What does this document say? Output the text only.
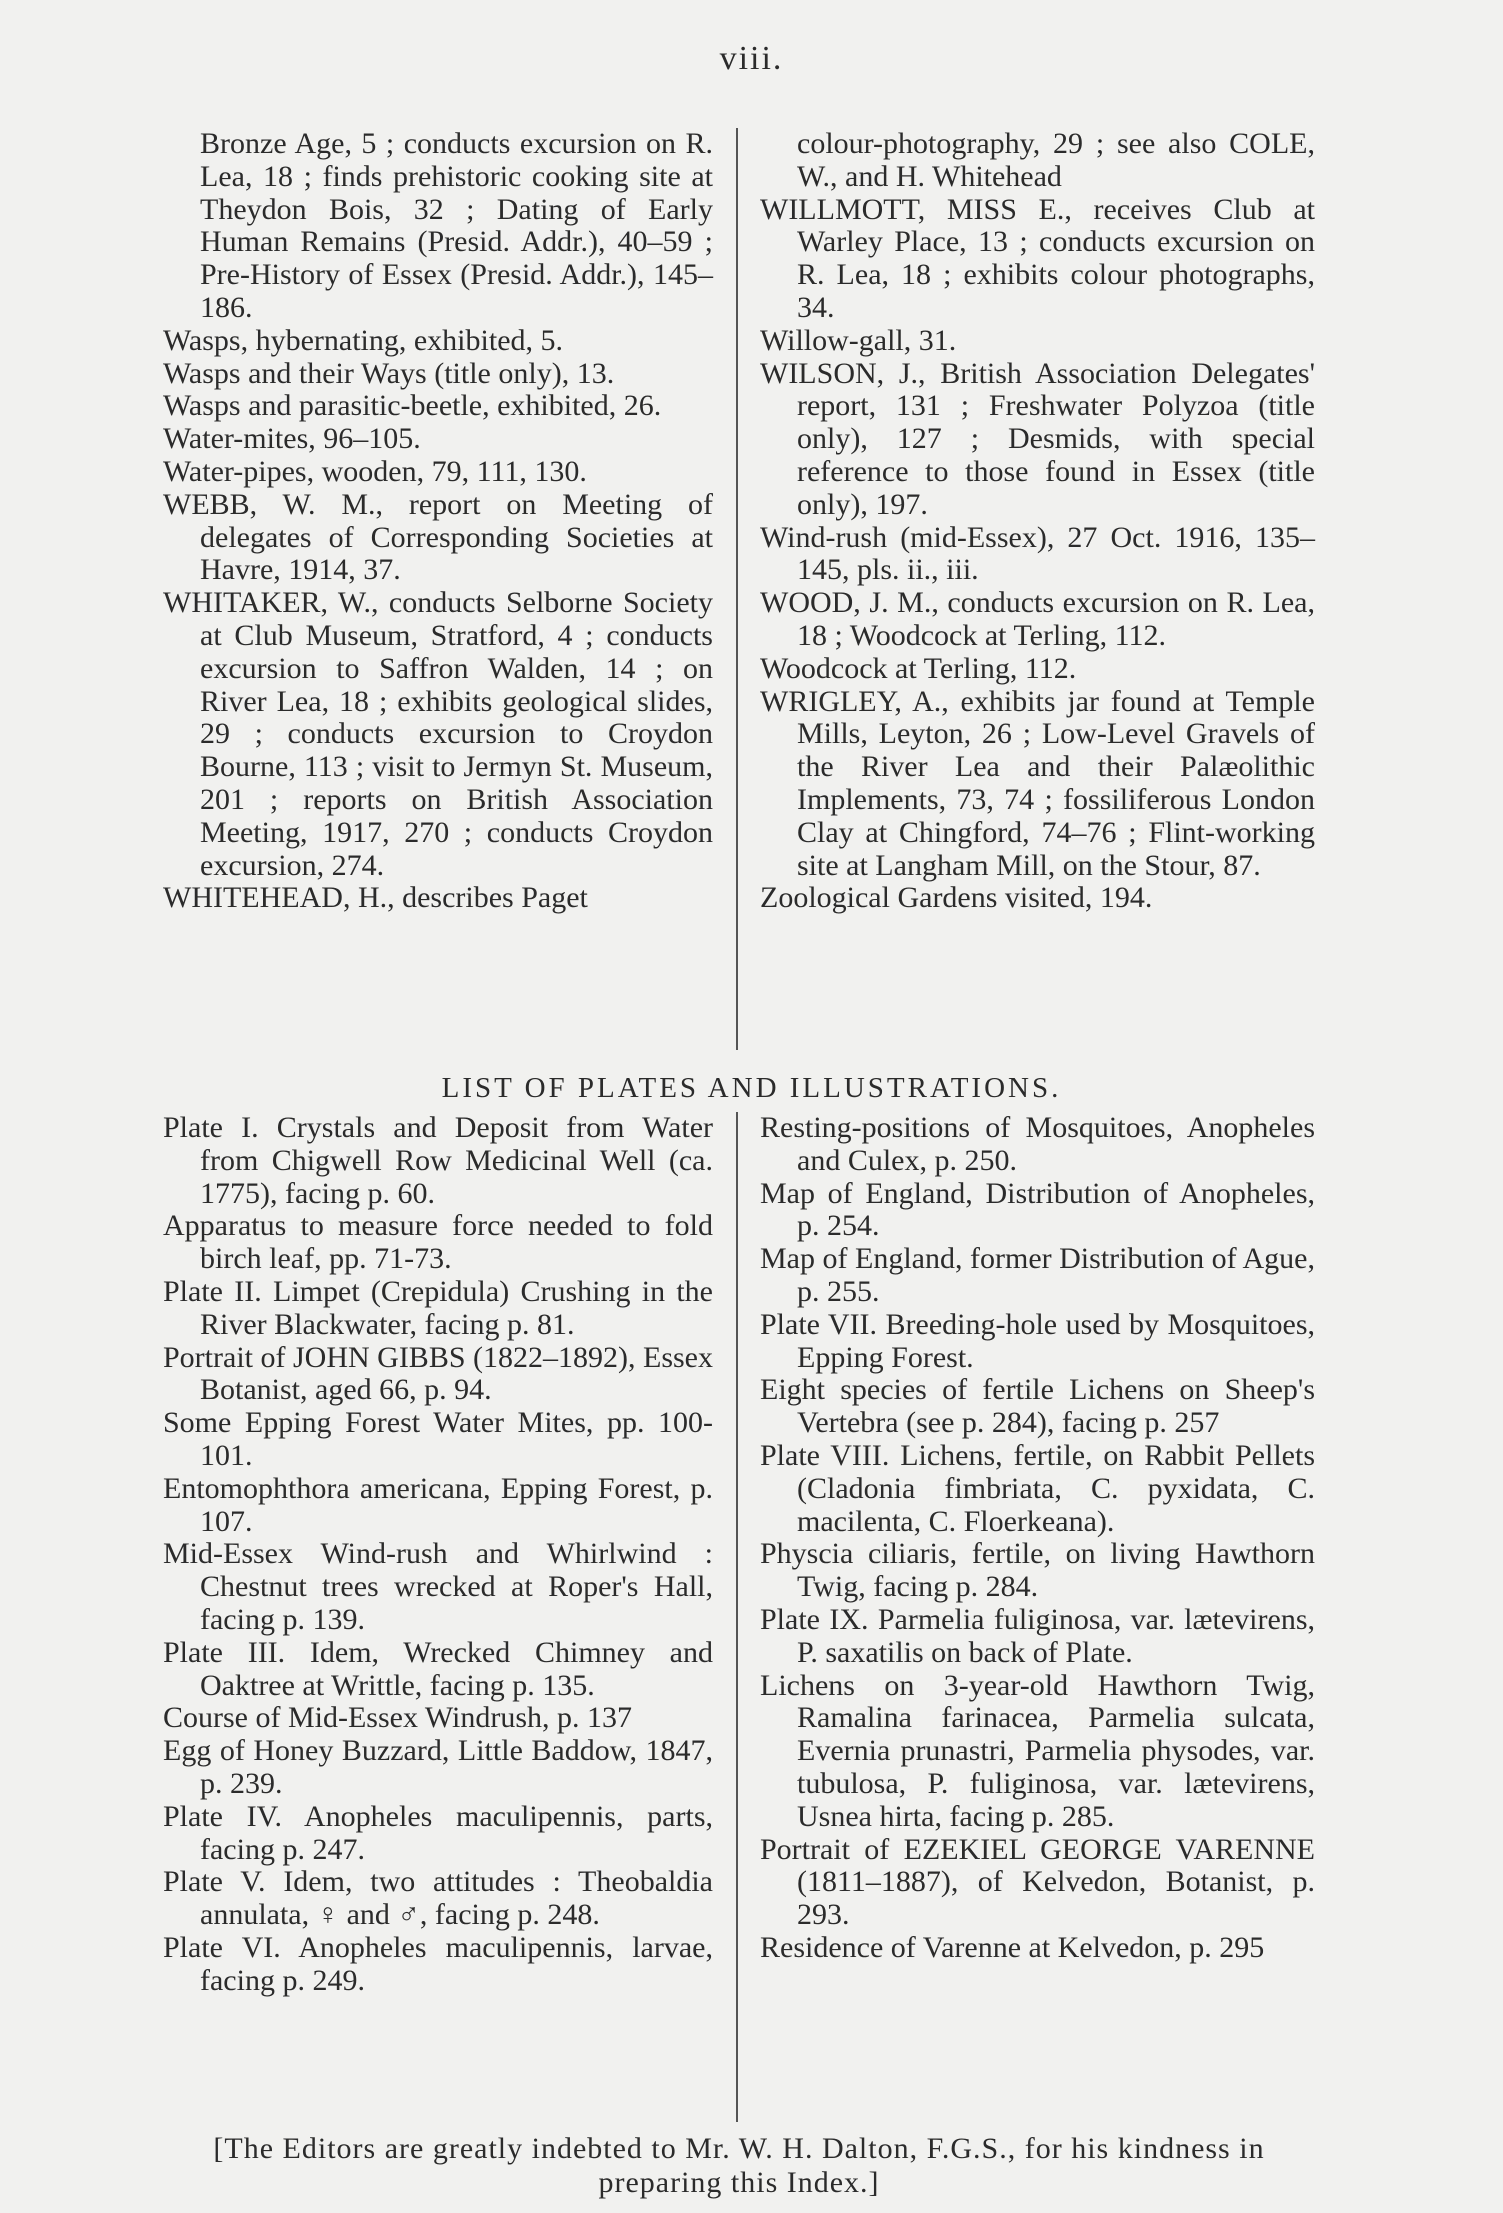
viii.

Bronze Age, 5 ; conducts excursion on R. Lea, 18 ; finds prehistoric cooking site at Theydon Bois, 32 ; Dating of Early Human Remains (Presid. Addr.), 40–59 ; Pre-History of Essex (Presid. Addr.), 145–186.

Wasps, hybernating, exhibited, 5.

Wasps and their Ways (title only), 13.

Wasps and parasitic-beetle, exhibited, 26.

Water-mites, 96–105.

Water-pipes, wooden, 79, 111, 130.

WEBB, W. M., report on Meeting of delegates of Corresponding Societies at Havre, 1914, 37.

WHITAKER, W., conducts Selborne Society at Club Museum, Stratford, 4 ; conducts excursion to Saffron Walden, 14 ; on River Lea, 18 ; exhibits geological slides, 29 ; conducts excursion to Croydon Bourne, 113 ; visit to Jermyn St. Museum, 201 ; reports on British Association Meeting, 1917, 270 ; conducts Croydon excursion, 274.

WHITEHEAD, H., describes Paget

colour-photography, 29 ; see also COLE, W., and H. Whitehead

WILLMOTT, MISS E., receives Club at Warley Place, 13 ; conducts excursion on R. Lea, 18 ; exhibits colour photographs, 34.

Willow-gall, 31.

WILSON, J., British Association Delegates' report, 131 ; Freshwater Polyzoa (title only), 127 ; Desmids, with special reference to those found in Essex (title only), 197.

Wind-rush (mid-Essex), 27 Oct. 1916, 135–145, pls. ii., iii.

WOOD, J. M., conducts excursion on R. Lea, 18 ; Woodcock at Terling, 112.

Woodcock at Terling, 112.

WRIGLEY, A., exhibits jar found at Temple Mills, Leyton, 26 ; Low-Level Gravels of the River Lea and their Palæolithic Implements, 73, 74 ; fossiliferous London Clay at Chingford, 74–76 ; Flint-working site at Langham Mill, on the Stour, 87.

Zoological Gardens visited, 194.

LIST OF PLATES AND ILLUSTRATIONS.

Plate I. Crystals and Deposit from Water from Chigwell Row Medicinal Well (ca. 1775), facing p. 60.

Apparatus to measure force needed to fold birch leaf, pp. 71-73.

Plate II. Limpet (Crepidula) Crushing in the River Blackwater, facing p. 81.

Portrait of JOHN GIBBS (1822–1892), Essex Botanist, aged 66, p. 94.

Some Epping Forest Water Mites, pp. 100-101.

Entomophthora americana, Epping Forest, p. 107.

Mid-Essex Wind-rush and Whirlwind : Chestnut trees wrecked at Roper's Hall, facing p. 139.

Plate III. Idem, Wrecked Chimney and Oaktree at Writtle, facing p. 135.

Course of Mid-Essex Windrush, p. 137

Egg of Honey Buzzard, Little Baddow, 1847, p. 239.

Plate IV. Anopheles maculipennis, parts, facing p. 247.

Plate V. Idem, two attitudes : Theobaldia annulata, ♀ and ♂, facing p. 248.

Plate VI. Anopheles maculipennis, larvae, facing p. 249.

Resting-positions of Mosquitoes, Anopheles and Culex, p. 250.

Map of England, Distribution of Anopheles, p. 254.

Map of England, former Distribution of Ague, p. 255.

Plate VII. Breeding-hole used by Mosquitoes, Epping Forest.

Eight species of fertile Lichens on Sheep's Vertebra (see p. 284), facing p. 257

Plate VIII. Lichens, fertile, on Rabbit Pellets (Cladonia fimbriata, C. pyxidata, C. macilenta, C. Floerkeana).

Physcia ciliaris, fertile, on living Hawthorn Twig, facing p. 284.

Plate IX. Parmelia fuliginosa, var. lætevirens, P. saxatilis on back of Plate.

Lichens on 3-year-old Hawthorn Twig, Ramalina farinacea, Parmelia sulcata, Evernia prunastri, Parmelia physodes, var. tubulosa, P. fuliginosa, var. lætevirens, Usnea hirta, facing p. 285.

Portrait of EZEKIEL GEORGE VARENNE (1811–1887), of Kelvedon, Botanist, p. 293.

Residence of Varenne at Kelvedon, p. 295

[The Editors are greatly indebted to Mr. W. H. Dalton, F.G.S., for his kindness in preparing this Index.]
